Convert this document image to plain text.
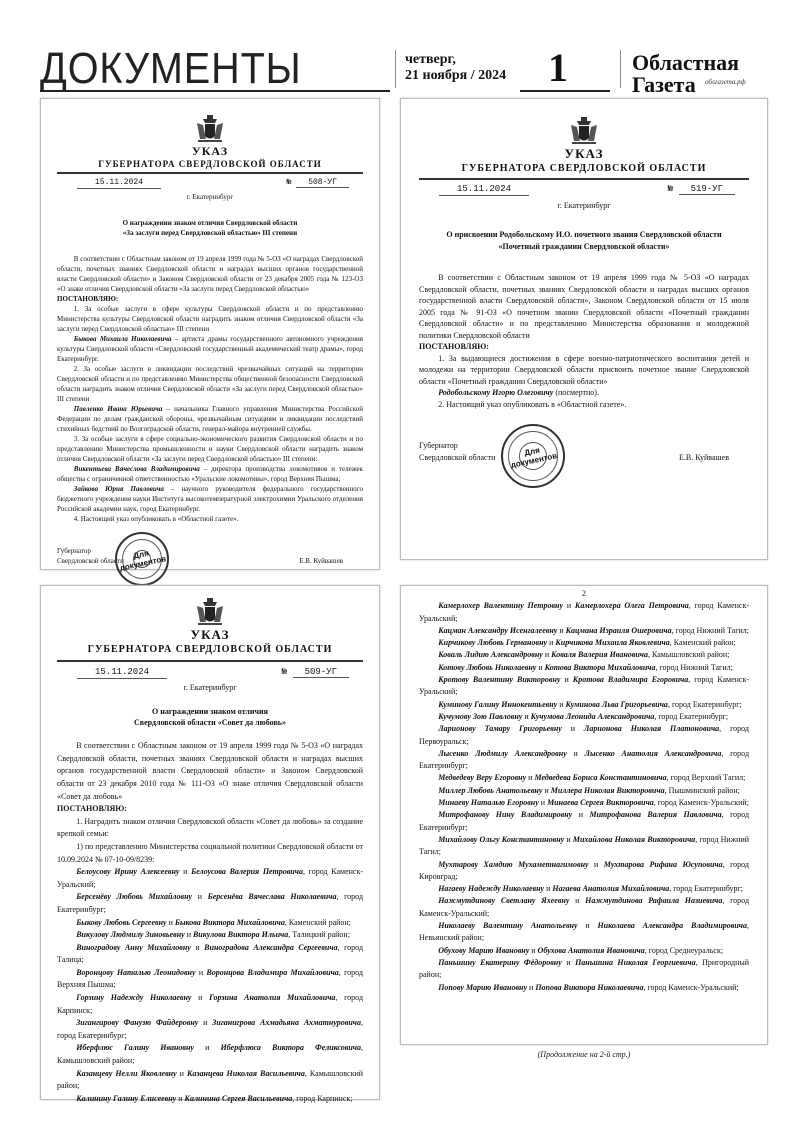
ДОКУМЕНТЫ	четверг,
21 ноября / 2024 1	Областная
Газета	облгазета.рф
УКАЗ
ГУБЕРНАТОРА СВЕРДЛОВСКОЙ ОБЛАСТИ
15.11.2024	№ 508-УГ
г. Екатеринбург
О награждении знаком отличия Свердловской области
«За заслуги перед Свердловской областью» III степени

В соответствии с Областным законом от 19 апреля 1999 года № 5-ОЗ «О наградах Свердловской области, почетных званиях Свердловской области и наградах высших органов государственной власти Свердловской области» и Законом Свердловской области от 23 декабря 2005 года № 123-ОЗ «О знаке отличия Свердловской области «За заслуги перед Свердловской областью»

ПОСТАНОВЛЯЮ:

1. За особые заслуги в сфере культуры Свердловской области и по представлению Министерства культуры Свердловской области наградить знаком отличия Свердловской области «За заслуги перед Свердловской областью» III степени

Быкова Михаила Николаевича – артиста драмы государственного автономного учреждения культуры Свердловской области «Свердловский государственный академический театр драмы», город Екатеринбург.

2. За особые заслуги в ликвидации последствий чрезвычайных ситуаций на территории Свердловской области и по представлению Министерства общественной безопасности Свердловской области наградить знаком отличия Свердловской области «За заслуги перед Свердловской областью» III степени

Павленко Ивана Юрьевича – начальника Главного управления Министерства Российской Федерации по делам гражданской обороны, чрезвычайным ситуациям и ликвидации последствий стихийных бедствий по Волгоградской области, генерал-майора внутренней службы.

3. За особые заслуги в сфере социально-экономического развития Свердловской области и по представлению Министерства промышленности и науки Свердловской области наградить знаком отличия Свердловской области «За заслуги перед Свердловской областью» III степени:

Викентьева Вячеслова Владимировича – директора производства локомотивов и тележек общества с ограниченной ответственностью «Уральские локомотивы», город Верхняя Пышма;

Зайкова Юрия Павловича – научного руководителя федерального государственного бюджетного учреждения науки Института высокотемпературной электрохимии Уральского отделения Российской академии наук, город Екатеринбург.

4. Настоящий указ опубликовать в «Областной газете».

Губернатор
Свердловской области	Е.В. Куйвашев
Для документов
УКАЗ
ГУБЕРНАТОРА СВЕРДЛОВСКОЙ ОБЛАСТИ
15.11.2024	№ 519-УГ
г. Екатеринбург
О присвоении Родобольскому И.О. почетного звания Свердловской области
«Почетный гражданин Свердловской области»

В соответствии с Областным законом от 19 апреля 1999 года № 5-ОЗ «О наградах Свердловской области, почетных званиях Свердловской области и наградах высших органов государственной власти Свердловской области», Законом Свердловской области от 15 июля 2005 года № 91-ОЗ «О почетном звании Свердловской области «Почетный гражданин Свердловской области» и по представлению Министерства образования и молодежной политики Свердловской области

ПОСТАНОВЛЯЮ:

1. За выдающиеся достижения в сфере военно-патриотического воспитания детей и молодежи на территории Свердловской области присвоить почетное звание Свердловской области «Почетный гражданин Свердловской области»

Родобольскому Игорю Олеговичу (посмертно).

2. Настоящий указ опубликовать в «Областной газете».

Губернатор
Свердловской области	Е.В. Куйвашев
Для документов
УКАЗ
ГУБЕРНАТОРА СВЕРДЛОВСКОЙ ОБЛАСТИ
15.11.2024	№ 509-УГ
г. Екатеринбург
О награждении знаком отличия
Свердловской области «Совет да любовь»

В соответствии с Областным законом от 19 апреля 1999 года № 5-ОЗ «О наградах Свердловской области, почетных званиях Свердловской области и наградах высших органов государственной власти Свердловской области» и Законом Свердловской области от 23 декабря 2010 года № 111-ОЗ «О знаке отличия Свердловской области «Совет да любовь»

ПОСТАНОВЛЯЮ:

1. Наградить знаком отличия Свердловской области «Совет да любовь» за создание крепкой семьи:

1) по представлению Министерства социальной политики Свердловской области от 10.09.2024 № 07-10-09/8239:

Белоусову Ирину Алексеевну и Белоусова Валерия Петровича, город Каменск-Уральский;

Берсенёву Любовь Михайловну и Берсенёва Вячеслава Николаевича, город Екатеринбург;

Быкову Любовь Сергеевну и Быкова Виктора Михайловича, Каменский район;

Викулову Людмилу Зиновьевну и Викулова Виктора Ильича, Талицкий район;

Виноградову Анну Михайловну и Виноградова Александра Сергеевича, город Талица;

Воронцову Наталью Леонидовну и Воронцова Владимира Михайловича, город Верхняя Пышма;

Горзину Надежду Николаевну и Горзина Анатолия Михайловича, город Карпинск;

Зигангирову Фанузю Файдеровну и Зиганигрова Ахмадьяна Ахматнуровича, город Екатеринбург;

Иберфлюс Галину Ивановну и Иберфлюса Виктора Феликсовича, Камышловский район;

Казанцеву Нелли Яковлевну и Казанцева Николая Васильевича, Камышловский район;

Калинину Галину Елисеевну и Калинина Сергея Васильевича, город Карпинск;

2

Камерлохер Валентину Петровну и Камерлохера Олега Петровича, город Каменск-Уральский;

Кацман Александру Исенгалеевну и Кацмана Израиля Ошеровича, город Нижний Тагил;

Кирчикову Любовь Германовну и Кирчикова Михаила Яковлевича, Каменский район;

Коваль Лидию Александровну и Коваля Валерия Ивановича, Камышловский район;

Котову Любовь Николаевну и Котова Виктора Михайловича, город Нижний Тагил;

Кротову Валентину Викторовну и Кротова Владимира Егоровича, город Каменск-Уральский;

Куминову Галину Иннокентьевну и Куминова Льва Григорьевича, город Екатеринбург;

Кучумову Зою Павловну и Кучумова Леонида Александровича, город Екатеринбург;

Ларионову Тамару Григорьевну и Ларионова Николая Платоновича, город Первоуральск;

Лысенко Людмилу Александровну и Лысенко Анатолия Александровича, город Екатеринбург;

Медведеву Веру Егоровну и Медведева Бориса Константиновича, город Верхний Тагил;

Миллер Любовь Анатольевну и Миллера Николая Викторовича, Пышминский район;

Минаеву Наталью Егоровну и Минаева Сергея Викторовича, город Каменск-Уральский;

Митрофанову Нину Владимировну и Митрофанова Валерия Павловича, город Екатеринбург;

Михайлову Ольгу Константиновну и Михайлова Николая Викторовича, город Нижний Тагил;

Мухтарову Хамдию Мухаметнагимовну и Мухтарова Рифана Юсуповича, город Кировград;

Нагаеву Надежду Николаевну и Нагаева Анатолия Михайловича, город Екатеринбург;

Нажмутдинову Светлану Яхеевну и Нажмутдинова Рафаила Назиевича, город Каменск-Уральский;

Николаеву Валентину Анатольевну и Николаева Александра Владимировича, Невьянский район;

Обухову Марию Ивановну и Обухова Анатолия Ивановича, город Среднеуральск;

Паньшину Екатерину Фёдоровну и Паньшина Николая Георгиевича, Пригородный район;

Попову Марию Ивановну и Попова Виктора Николаевича, город Каменск-Уральский;

(Продолжение на 2-й стр.)
